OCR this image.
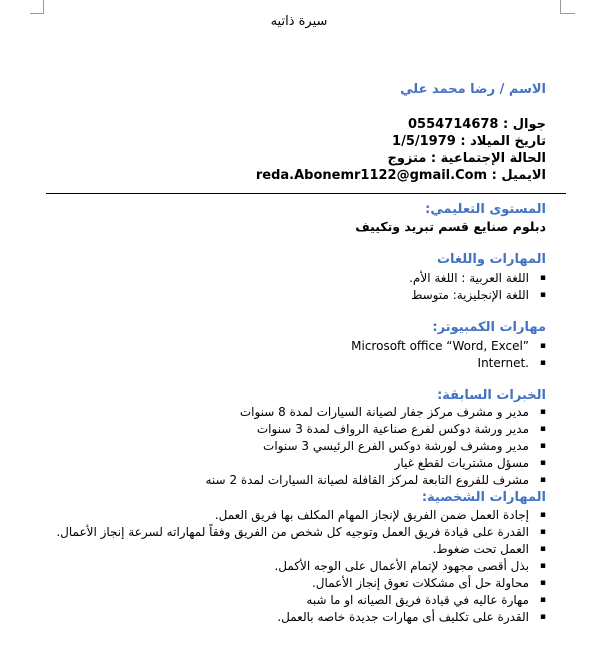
سيرة ذاتيه
الاسم / رضا محمد علي
جوال : 0554714678
تاريخ الميلاد : 1/5/1979
الحالة الإجتماعية : متزوج
الايميل : reda.Abonemr1122@gmail.Com
المستوى التعليمي:
دبلوم صنايع قسم تبريد وتكييف
المهارات واللغات
▪ اللغة العربية : اللغة الأم.
▪ اللغة الإنجليزية: متوسط
مهارات الكمبيوتر:
▪ Microsoft office “Word, Excel”
▪ Internet.
الخبرات السابقة:
▪ مدير و مشرف مركز جفار لصيانة السيارات لمدة 8 سنوات
▪ مدير ورشة دوكس لفرع صناعية الرواف لمدة 3 سنوات
▪ مدير ومشرف لورشة دوكس الفرع الرئيسي 3 سنوات
▪ مسؤل مشتريات لقطع غيار
▪ مشرف للفروع التابعة لمركز القافلة لصيانة السيارات لمدة 2 سنه
المهارات الشخصية:
▪ إجادة العمل ضمن الفريق لإنجاز المهام المكلف بها فريق العمل.
▪ القدرة على قيادة فريق العمل وتوجيه كل شخص من الفريق وفقاً لمهاراته لسرعة إنجاز الأعمال.
▪ العمل تحت ضغوط.
▪ بذل أقصى مجهود لإتمام الأعمال على الوجه الأكمل.
▪ محاولة حل أى مشكلات تعوق إنجاز الأعمال.
▪ مهارة عاليه في قيادة فريق الصيانه او ما شبه
▪ القدرة على تكليف أى مهارات جديدة خاصه بالعمل.
